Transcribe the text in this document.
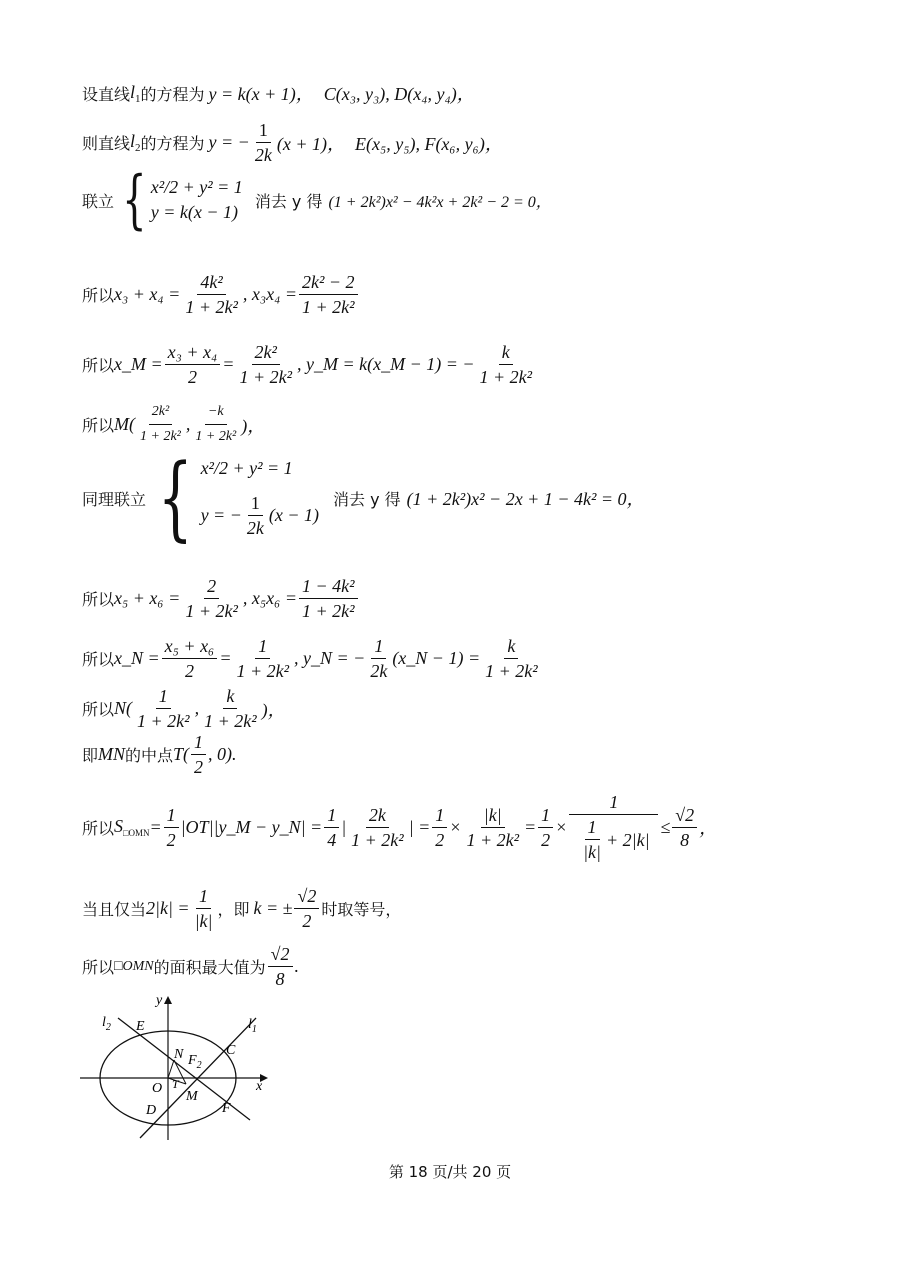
设直线 $l_1$ 的方程为 y = k(x + 1)， C(x₃, y₃), D(x₄, y₄)，
则直线 $l_2$ 的方程为 y = − $\frac{1}{2k} (x + 1)$， E(x₅, y₅), F(x₆, y₆)，
联立 { x²/2 + y² = 1
y = k(x − 1)
消去 y 得 (1 + 2k²)x² − 4k²x + 2k² − 2 = 0，
所以 $x_3 + x_4 = \frac{\text{4k²}}{\text{1 + 2k²}}$ , $x_3x_4 = \frac{\text{2k² − 2}}{\text{1 + 2k²}}$
所以 x_M = $\frac{\text{x₃ + x₄}}{2} = \frac{\text{2k²}}{\text{1 + 2k²}}$ , y_M = k(x_M − 1) = − $\frac{k}{\text{1 + 2k²}}$
所以 $M( \frac{\text{2k²}}{\text{1 + 2k²}}$ , $\frac{-k}{\text{1 + 2k²}}$ )，
同理联立 { x²/2 + y² = 1
y = − $\frac{1}{2k} (x - 1)$
消去 y 得 (1 + 2k²)x² − 2x + 1 − 4k² = 0，
所以 $x_5 + x_6 = \frac{2}{\text{1 + 2k²}}$ , $x_5x_6 = \frac{\text{1 − 4k²}}{\text{1 + 2k²}}$
所以 x_N = $\frac{\text{x₅ + x₆}}{2} = \frac{1}{\text{1 + 2k²}}$ , y_N = − $\frac{1}{2k}$ (x_N − $1) = \frac{k}{\text{1 + 2k²}}$
所以 $N( \frac{1}{\text{1 + 2k²}}$ , $\frac{k}{\text{1 + 2k²}}$ )，
即 MN 的中点 $T( \frac{1}{2}$ , 0).
所以 $S_{□OMN} = \frac{1}{2}$ |OT||y_M − y_N| = $\frac{1}{4}$ | $\frac{2k}{\text{1 + 2k²}}$ | = $\frac{1}{2} \times \frac{|k|}{\text{1 + 2k²}} = \frac{1}{2} \times \frac{1}{\frac{1}{|k|} + 2|k|} \le \frac{√2}{8}$ ，
当且仅当 $2|k| = \frac{1}{|k|}$ ，即 k = ± $\frac{√2}{2}$ 时取等号，
所以 □OMN 的面积最大值为 $\frac{√2}{8}$ .
y
x
O
E
$l_2$	$l_1$
N $F_2$
C
T
M
D	F
第 18 页/共 20 页
